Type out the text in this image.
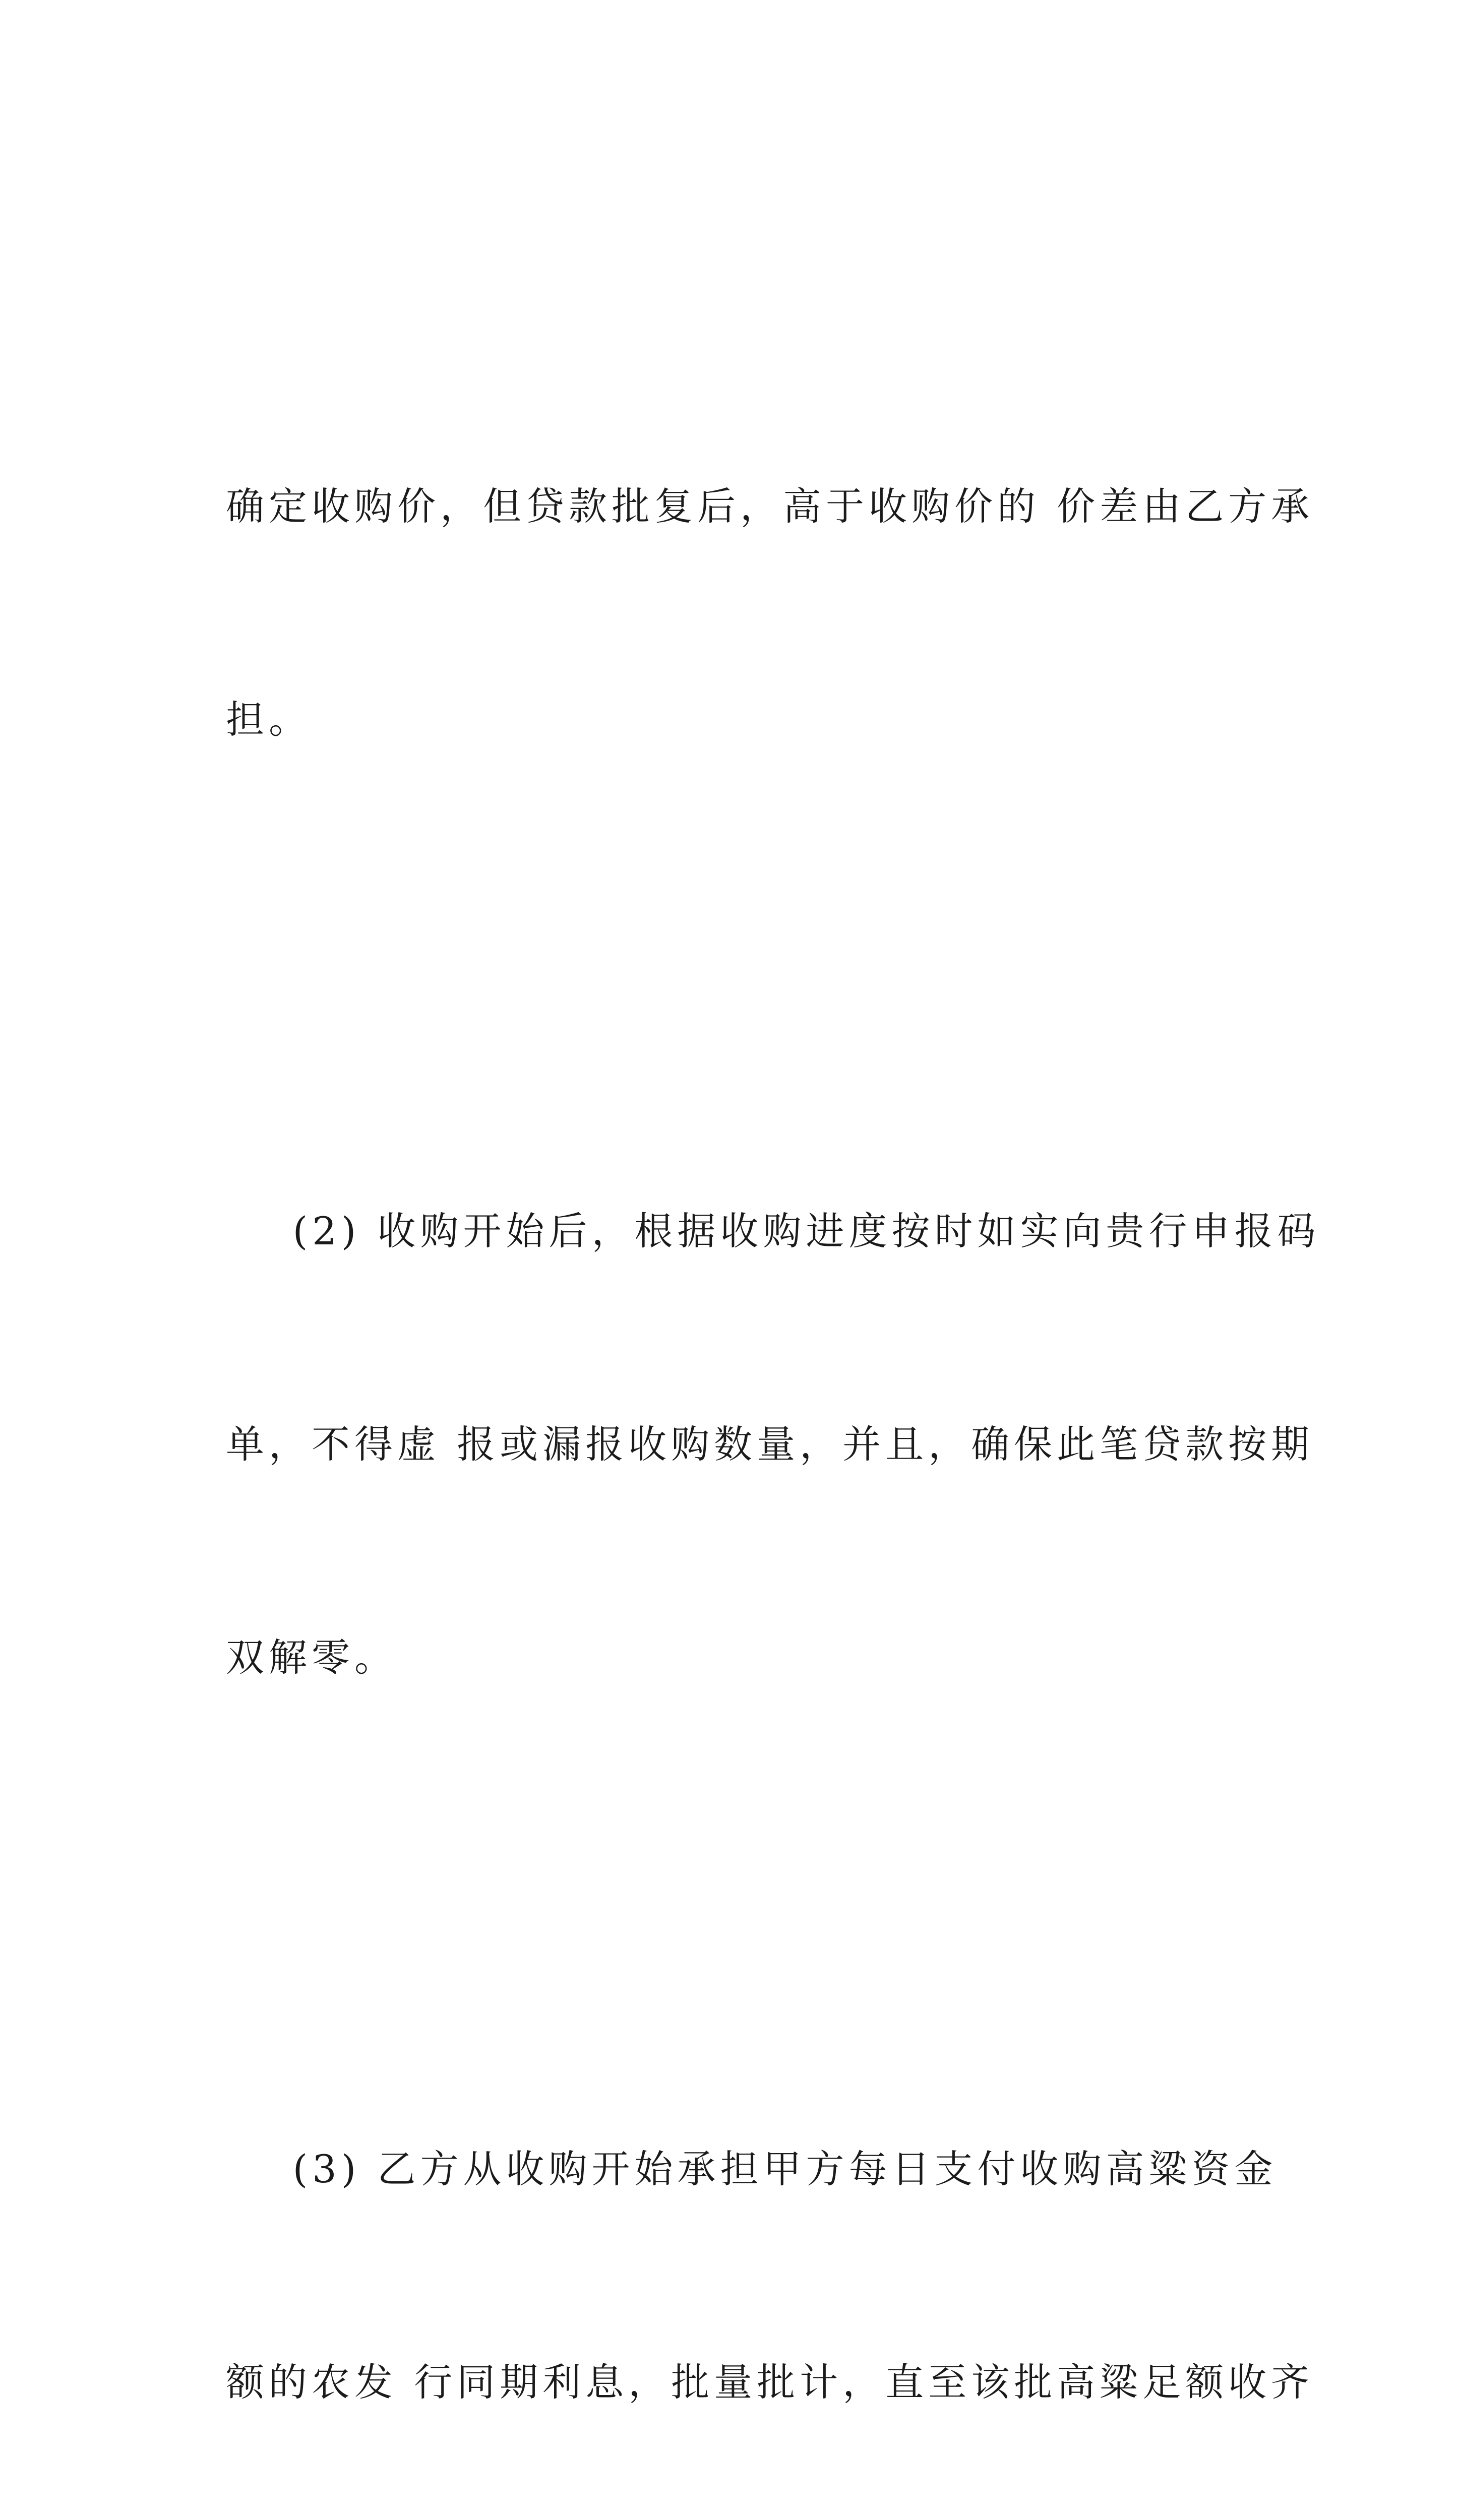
确定收购价，但贷款批复后，高于收购价的 价差由乙方承

担。

(2) 收购开始后，根据收购进度按时如实向贵行申报码

单，不得虚 报或漏报收购数量，并且，确保此笔贷款按期

双解零。

(3) 乙方从收购开始承担甲方每日支付收购高粱资金

额的农发 行同期利息，批量批计，直至该批高粱足额收齐
